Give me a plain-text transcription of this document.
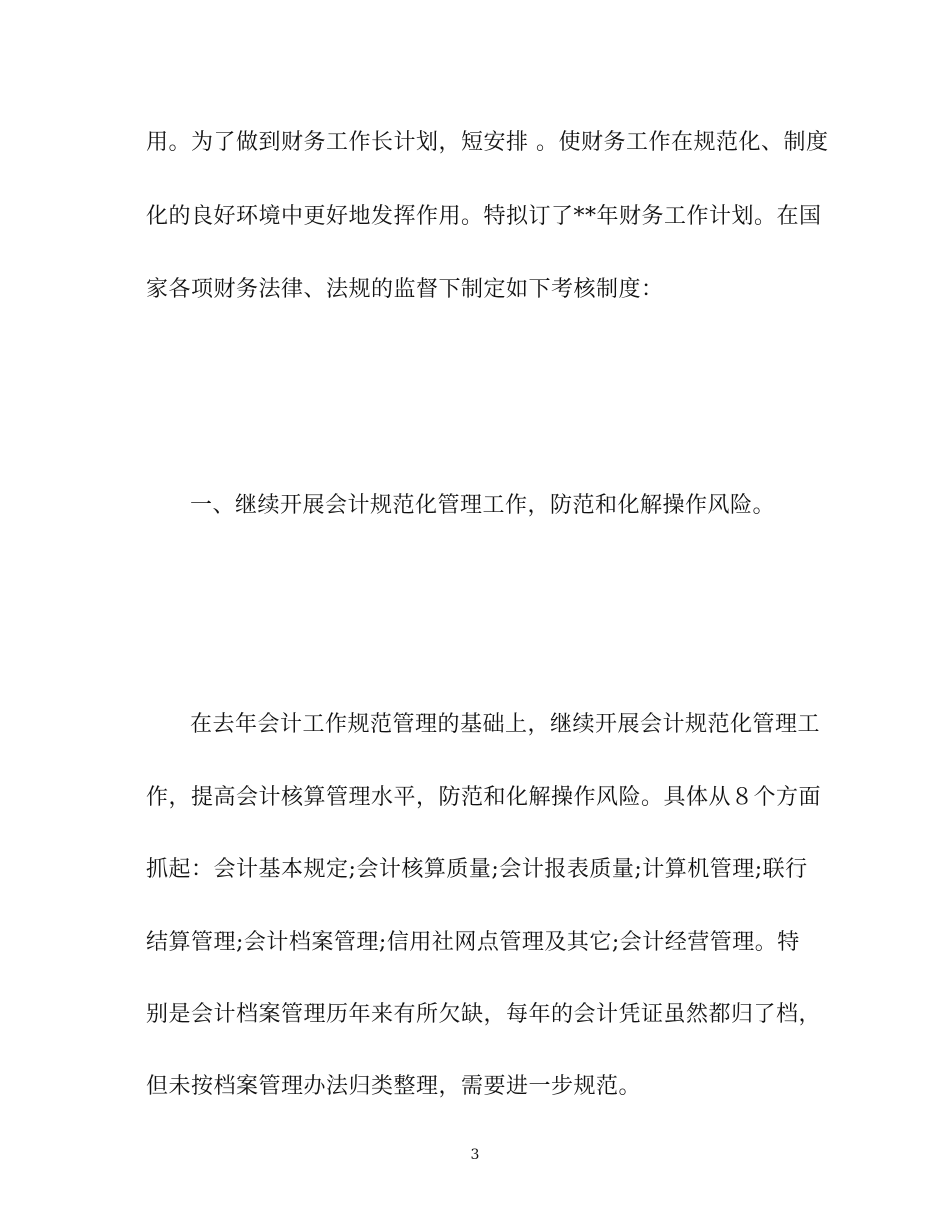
用。为了做到财务工作长计划，短安排 。使财务工作在规范化、制度
化的良好环境中更好地发挥作用。特拟订了**年财务工作计划。在国
家各项财务法律、法规的监督下制定如下考核制度：
一、继续开展会计规范化管理工作，防范和化解操作风险。
在去年会计工作规范管理的基础上，继续开展会计规范化管理工
作，提高会计核算管理水平，防范和化解操作风险。具体从８个方面
抓起：会计基本规定;会计核算质量;会计报表质量;计算机管理;联行
结算管理;会计档案管理;信用社网点管理及其它;会计经营管理。特
别是会计档案管理历年来有所欠缺，每年的会计凭证虽然都归了档，
但未按档案管理办法归类整理，需要进一步规范。
3
